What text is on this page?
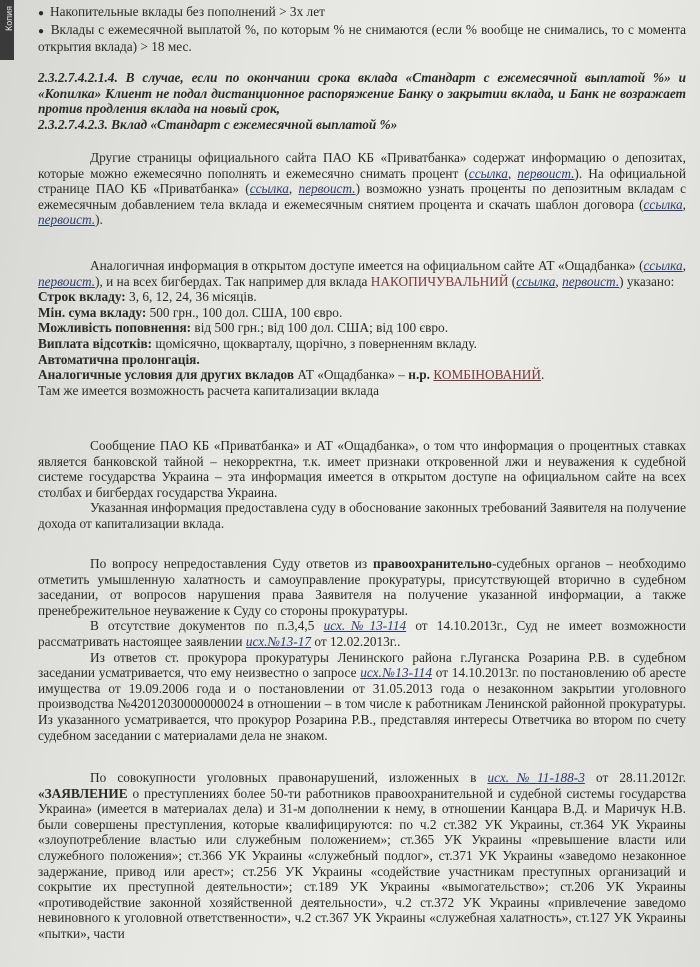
Копия

●	Накопительные вклады без пополнений > 3х лет

● Вклады с ежемесячной выплатой %, по которым % не снимаются (если % вообще не снимались, то с момента открытия вклада) > 18 мес.

2.3.2.7.4.2.1.4. В случае, если по окончании срока вклада «Стандарт с ежемесячной выплатой %» и «Копилка» Клиент не подал дистанционное распоряжение Банку о закрытии вклада, и Банк не возражает против продления вклада на новый срок,

2.3.2.7.4.2.3. Вклад «Стандарт с ежемесячной выплатой %»

Другие страницы официального сайта ПАО КБ «Приватбанка» содержат информацию о депозитах, которые можно ежемесячно пополнять и ежемесячно снимать процент (ссылка, первоист.). На официальной странице ПАО КБ «Приватбанка» (ссылка, первоист.) возможно узнать проценты по депозитным вкладам с ежемесячным добавлением тела вклада и ежемесячным снятием процента и скачать шаблон договора (ссылка, первоист.).

Аналогичная информация в открытом доступе имеется на официальном сайте АТ «Ощадбанка» (ссылка, первоист.), и на всех бигбердах. Так например для вклада НАКОПИЧУВАЛЬНИЙ (ссылка, первоист.) указано:

Строк вкладу: 3, 6, 12, 24, 36 місяців.

Мін. сума вкладу: 500 грн., 100 дол. США, 100 євро.

Можливість поповнення: від 500 грн.; від 100 дол. США; від 100 євро.

Виплата відсотків: щомісячно, щокварталу, щорічно, з поверненням вкладу.

Автоматична пролонгація.

Аналогичные условия для других вкладов АТ «Ощадбанка» – н.р. КОМБІНОВАНИЙ.

Там же имеется возможность расчета капитализации вклада

Сообщение ПАО КБ «Приватбанка» и АТ «Ощадбанка», о том что информация о процентных ставках является банковской тайной – некорректна, т.к. имеет признаки откровенной лжи и неуважения к судебной системе государства Украина – эта информация имеется в открытом доступе на официальном сайте на всех столбах и бигбердах государства Украина.

Указанная информация предоставлена суду в обоснование законных требований Заявителя на получение дохода от капитализации вклада.

По вопросу непредоставления Суду ответов из правоохранительно-судебных органов – необходимо отметить умышленную халатность и самоуправление прокуратуры, присутствующей вторично в судебном заседании, от вопросов нарушения права Заявителя на получение указанной информации, а также пренебрежительное неуважение к Суду со стороны прокуратуры.

В отсутствие документов по п.3,4,5 исх.№13-114 от 14.10.2013г., Суд не имеет возможности рассматривать настоящее заявлении исх.№13-17 от 12.02.2013г..

Из ответов ст. прокурора прокуратуры Ленинского района г.Луганска Розарина Р.В. в судебном заседании усматривается, что ему неизвестно о запросе исх.№13-114 от 14.10.2013г. по постановлению об аресте имущества от 19.09.2006 года и о постановлении от 31.05.2013 года о незаконном закрытии уголовного производства №42012030000000024 в отношении – в том числе к работникам Ленинской районной прокуратуры. Из указанного усматривается, что прокурор Розарина Р.В., представляя интересы Ответчика во втором по счету судебном заседании с материалами дела не знаком.

По совокупности уголовных правонарушений, изложенных в исх.№11-188-3 от 28.11.2012г. «ЗАЯВЛЕНИЕ о преступлениях более 50-ти работников правоохранительной и судебной системы государства Украина» (имеется в материалах дела) и 31-м дополнении к нему, в отношении Канцара В.Д. и Маричук Н.В. были совершены преступления, которые квалифицируются: по ч.2 ст.382 УК Украины, ст.364 УК Украины «злоупотребление властью или служебным положением»; ст.365 УК Украины «превышение власти или служебного положения»; ст.366 УК Украины «служебный подлог», ст.371 УК Украины «заведомо незаконное задержание, привод или арест»; ст.256 УК Украины «содействие участникам преступных организаций и сокрытие их преступной деятельности»; ст.189 УК Украины «вымогательство»; ст.206 УК Украины «противодействие законной хозяйственной деятельности», ч.2 ст.372 УК Украины «привлечение заведомо невиновного к уголовной ответственности», ч.2 ст.367 УК Украины «служебная халатность», ст.127 УК Украины «пытки», части
